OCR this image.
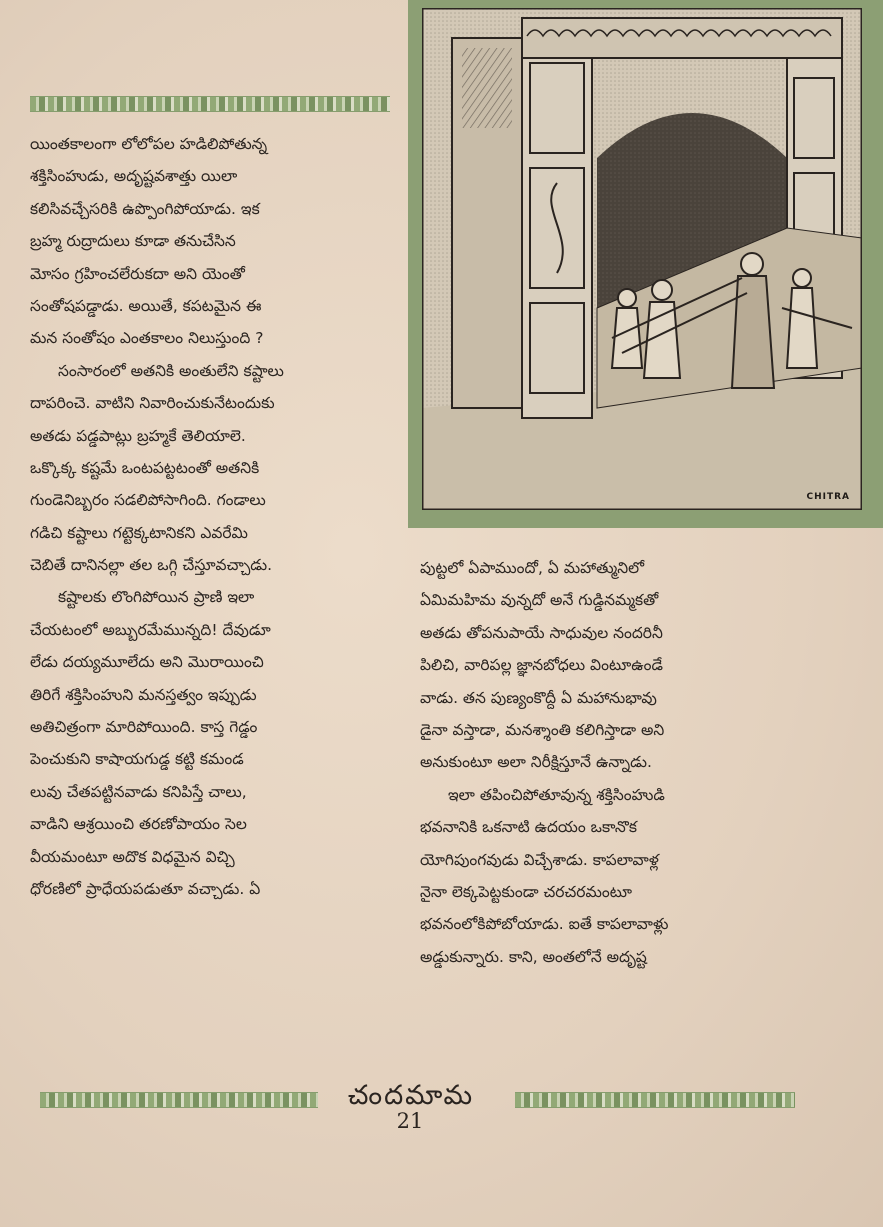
CHITRA
యింతకాలంగా లోలోపల హడిలిపోతున్న
శక్తిసింహుడు, అదృష్టవశాత్తు యిలా
కలిసివచ్చేసరికి ఉప్పొంగిపోయాడు. ఇక
బ్రహ్మ రుద్రాదులు కూడా తనుచేసిన
మోసం గ్రహించలేరుకదా అని యెంతో
సంతోషపడ్డాడు. అయితే, కపటమైన ఈ
మన సంతోషం ఎంతకాలం నిలుస్తుంది ?
సంసారంలో అతనికి అంతులేని కష్టాలు
దాపరించె. వాటిని నివారించుకునేటందుకు
అతడు పడ్డపాట్లు బ్రహ్మకే తెలియాలె.
ఒక్కొక్క కష్టమే ఒంటపట్టటంతో అతనికి
గుండెనిబ్బరం సడలిపోసాగింది. గండాలు
గడిచి కష్టాలు గట్టెక్కటానికని ఎవరేమి
చెబితే దానినల్లా తల ఒగ్గి చేస్తూవచ్చాడు.
కష్టాలకు లొంగిపోయిన ప్రాణి ఇలా
చేయటంలో అబ్బురమేమున్నది! దేవుడూ
లేడు దయ్యమూలేదు అని మొరాయించి
తిరిగే శక్తిసింహుని మనస్తత్వం ఇప్పుడు
అతిచిత్రంగా మారిపోయింది. కాస్త గెడ్డం
పెంచుకుని కాషాయగుడ్డ కట్టి కమండ
లువు చేతపట్టినవాడు కనిపిస్తే చాలు,
వాడిని ఆశ్రయించి తరణోపాయం సెల
వీయమంటూ అదొక విధమైన విచ్చి
ధోరణిలో ప్రాధేయపడుతూ వచ్చాడు. ఏ
పుట్టలో ఏపాముందో, ఏ మహాత్మునిలో
ఏమిమహిమ వున్నదో అనే గుడ్డినమ్మకతో
అతడు తోపనుపాయే సాధువుల నందరినీ
పిలిచి, వారిపల్ల జ్ఞానబోధలు వింటూఉండే
వాడు. తన పుణ్యంకొద్దీ ఏ మహానుభావు
డైనా వస్తాడా, మనశ్శాంతి కలిగిస్తాడా అని
అనుకుంటూ అలా నిరీక్షిస్తూనే ఉన్నాడు.
ఇలా తపించిపోతూవున్న శక్తిసింహుడి
భవనానికి ఒకనాటి ఉదయం ఒకానొక
యోగిపుంగవుడు విచ్చేశాడు. కాపలావాళ్ల
నైనా లెక్కపెట్టకుండా చరచరమంటూ
భవనంలోకిపోబోయాడు. ఐతే కాపలావాళ్లు
అడ్డుకున్నారు. కాని, అంతలోనే అదృష్ట
చందమామ
21
